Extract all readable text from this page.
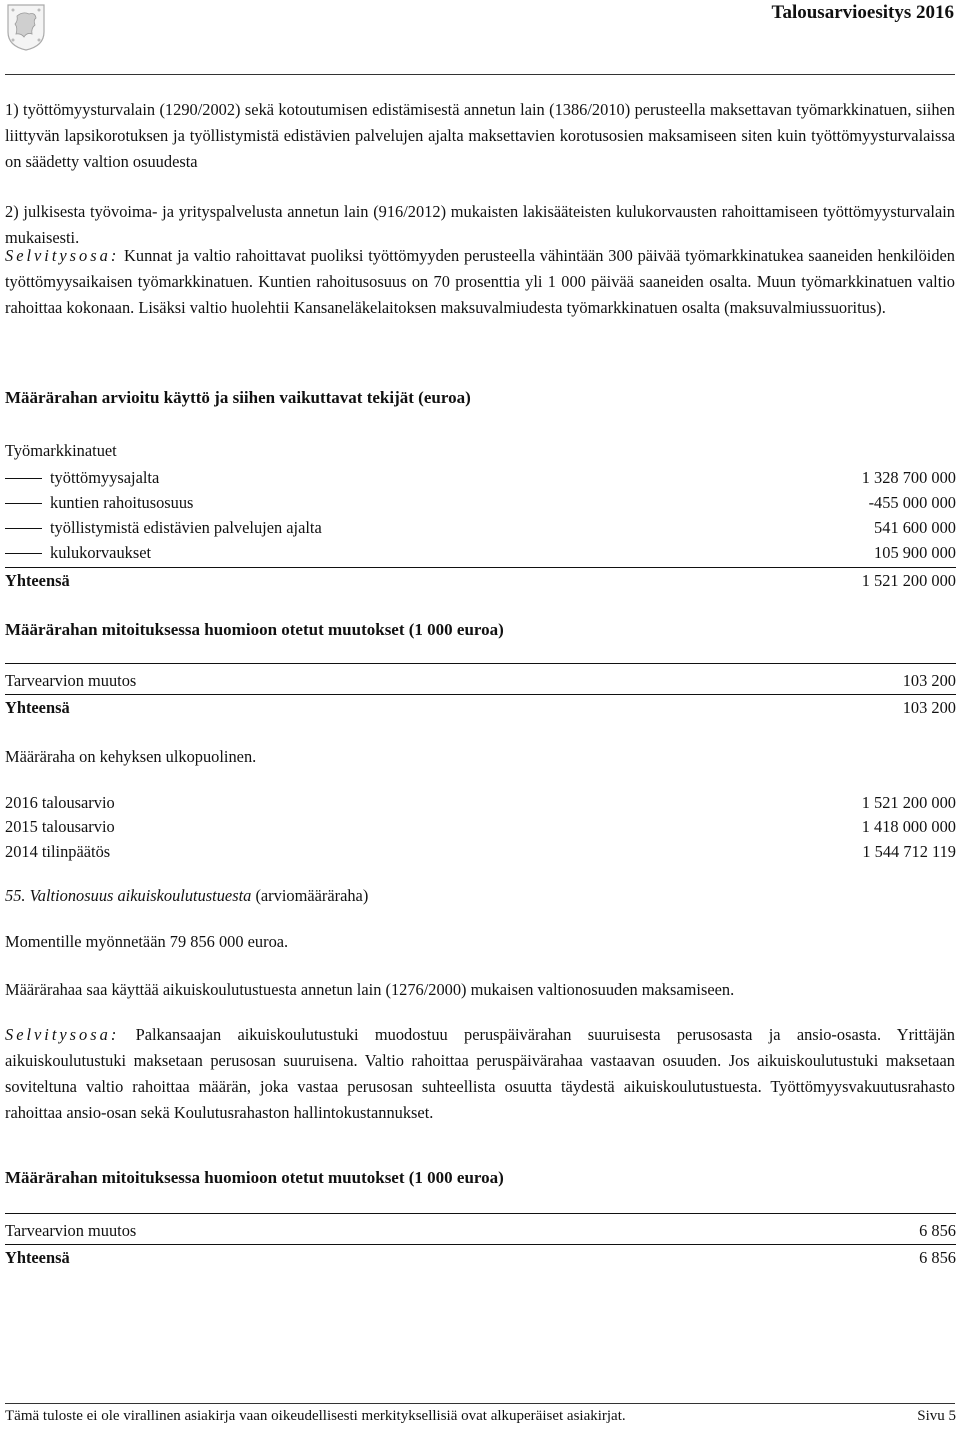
Talousarvioesitys 2016
1) työttömyysturvalain (1290/2002) sekä kotoutumisen edistämisestä annetun lain (1386/2010) perusteella maksettavan työmarkkinatuen, siihen liittyvän lapsikorotuksen ja työllistymistä edistävien palvelujen ajalta maksettavien korotusosien maksamiseen siten kuin työttömyysturvalaissa on säädetty valtion osuudesta
2) julkisesta työvoima- ja yrityspalvelusta annetun lain (916/2012) mukaisten lakisääteisten kulukorvausten rahoittamiseen työttömyysturvalain mukaisesti.
Selvitysosa: Kunnat ja valtio rahoittavat puoliksi työttömyyden perusteella vähintään 300 päivää työmarkkinatukea saaneiden henkilöiden työttömyysaikaisen työmarkkinatuen. Kuntien rahoitusosuus on 70 prosenttia yli 1 000 päivää saaneiden osalta. Muun työmarkkinatuen valtio rahoittaa kokonaan. Lisäksi valtio huolehtii Kansaneläkelaitoksen maksuvalmiudesta työmarkkinatuen osalta (maksuvalmiussuoritus).
Määrärahan arvioitu käyttö ja siihen vaikuttavat tekijät (euroa)
Työmarkkinatuet
työttömyysajalta	1 328 700 000
kuntien rahoitusosuus	-455 000 000
työllistymistä edistävien palvelujen ajalta	541 600 000
kulukorvaukset	105 900 000
Yhteensä	1 521 200 000
Määrärahan mitoituksessa huomioon otetut muutokset (1 000 euroa)
Tarvearvion muutos	103 200
Yhteensä	103 200
Määräraha on kehyksen ulkopuolinen.
2016 talousarvio	1 521 200 000
2015 talousarvio	1 418 000 000
2014 tilinpäätös	1 544 712 119
55. Valtionosuus aikuiskoulutustuesta (arviomääräraha)
Momentille myönnetään 79 856 000 euroa.
Määrärahaa saa käyttää aikuiskoulutustuesta annetun lain (1276/2000) mukaisen valtionosuuden maksamiseen.
Selvitysosa: Palkansaajan aikuiskoulutustuki muodostuu peruspäivärahan suuruisesta perusosasta ja ansio-osasta. Yrittäjän aikuiskoulutustuki maksetaan perusosan suuruisena. Valtio rahoittaa peruspäivärahaa vastaavan osuuden. Jos aikuiskoulutustuki maksetaan soviteltuna valtio rahoittaa määrän, joka vastaa perusosan suhteellista osuutta täydestä aikuiskoulutustuesta. Työttömyysvakuutusrahasto rahoittaa ansio-osan sekä Koulutusrahaston hallintokustannukset.
Määrärahan mitoituksessa huomioon otetut muutokset (1 000 euroa)
Tarvearvion muutos	6 856
Yhteensä	6 856
Tämä tuloste ei ole virallinen asiakirja vaan oikeudellisesti merkityksellisiä ovat alkuperäiset asiakirjat.	Sivu 5
